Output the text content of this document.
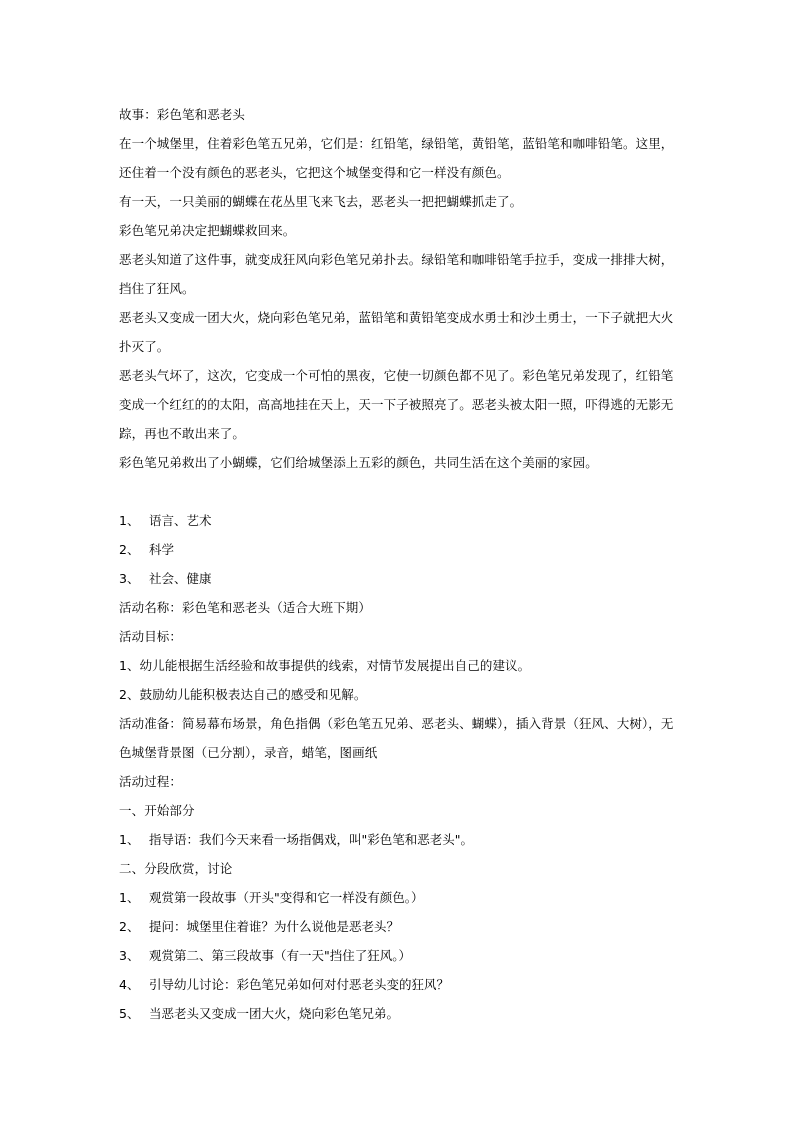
故事：彩色笔和恶老头

在一个城堡里，住着彩色笔五兄弟，它们是：红铅笔，绿铅笔，黄铅笔，蓝铅笔和咖啡铅笔。这里，还住着一个没有颜色的恶老头，它把这个城堡变得和它一样没有颜色。

有一天，一只美丽的蝴蝶在花丛里飞来飞去，恶老头一把把蝴蝶抓走了。

彩色笔兄弟决定把蝴蝶救回来。

恶老头知道了这件事，就变成狂风向彩色笔兄弟扑去。绿铅笔和咖啡铅笔手拉手，变成一排排大树，挡住了狂风。

恶老头又变成一团大火，烧向彩色笔兄弟，蓝铅笔和黄铅笔变成水勇士和沙土勇士，一下子就把大火扑灭了。

恶老头气坏了，这次，它变成一个可怕的黑夜，它使一切颜色都不见了。彩色笔兄弟发现了，红铅笔变成一个红红的的太阳，高高地挂在天上，天一下子被照亮了。恶老头被太阳一照，吓得逃的无影无踪，再也不敢出来了。

彩色笔兄弟救出了小蝴蝶，它们给城堡添上五彩的颜色，共同生活在这个美丽的家园。

1、 语言、艺术

2、 科学

3、 社会、健康

活动名称：彩色笔和恶老头（适合大班下期）

活动目标：

1、幼儿能根据生活经验和故事提供的线索，对情节发展提出自己的建议。

2、鼓励幼儿能积极表达自己的感受和见解。

活动准备：简易幕布场景，角色指偶（彩色笔五兄弟、恶老头、蝴蝶），插入背景（狂风、大树），无色城堡背景图（已分割），录音，蜡笔，图画纸

活动过程：

一、开始部分

1、 指导语：我们今天来看一场指偶戏，叫"彩色笔和恶老头"。

二、分段欣赏，讨论

1、 观赏第一段故事（开头"变得和它一样没有颜色。）

2、 提问：城堡里住着谁？为什么说他是恶老头？

3、 观赏第二、第三段故事（有一天"挡住了狂风。）

4、 引导幼儿讨论：彩色笔兄弟如何对付恶老头变的狂风？

5、 当恶老头又变成一团大火，烧向彩色笔兄弟。
